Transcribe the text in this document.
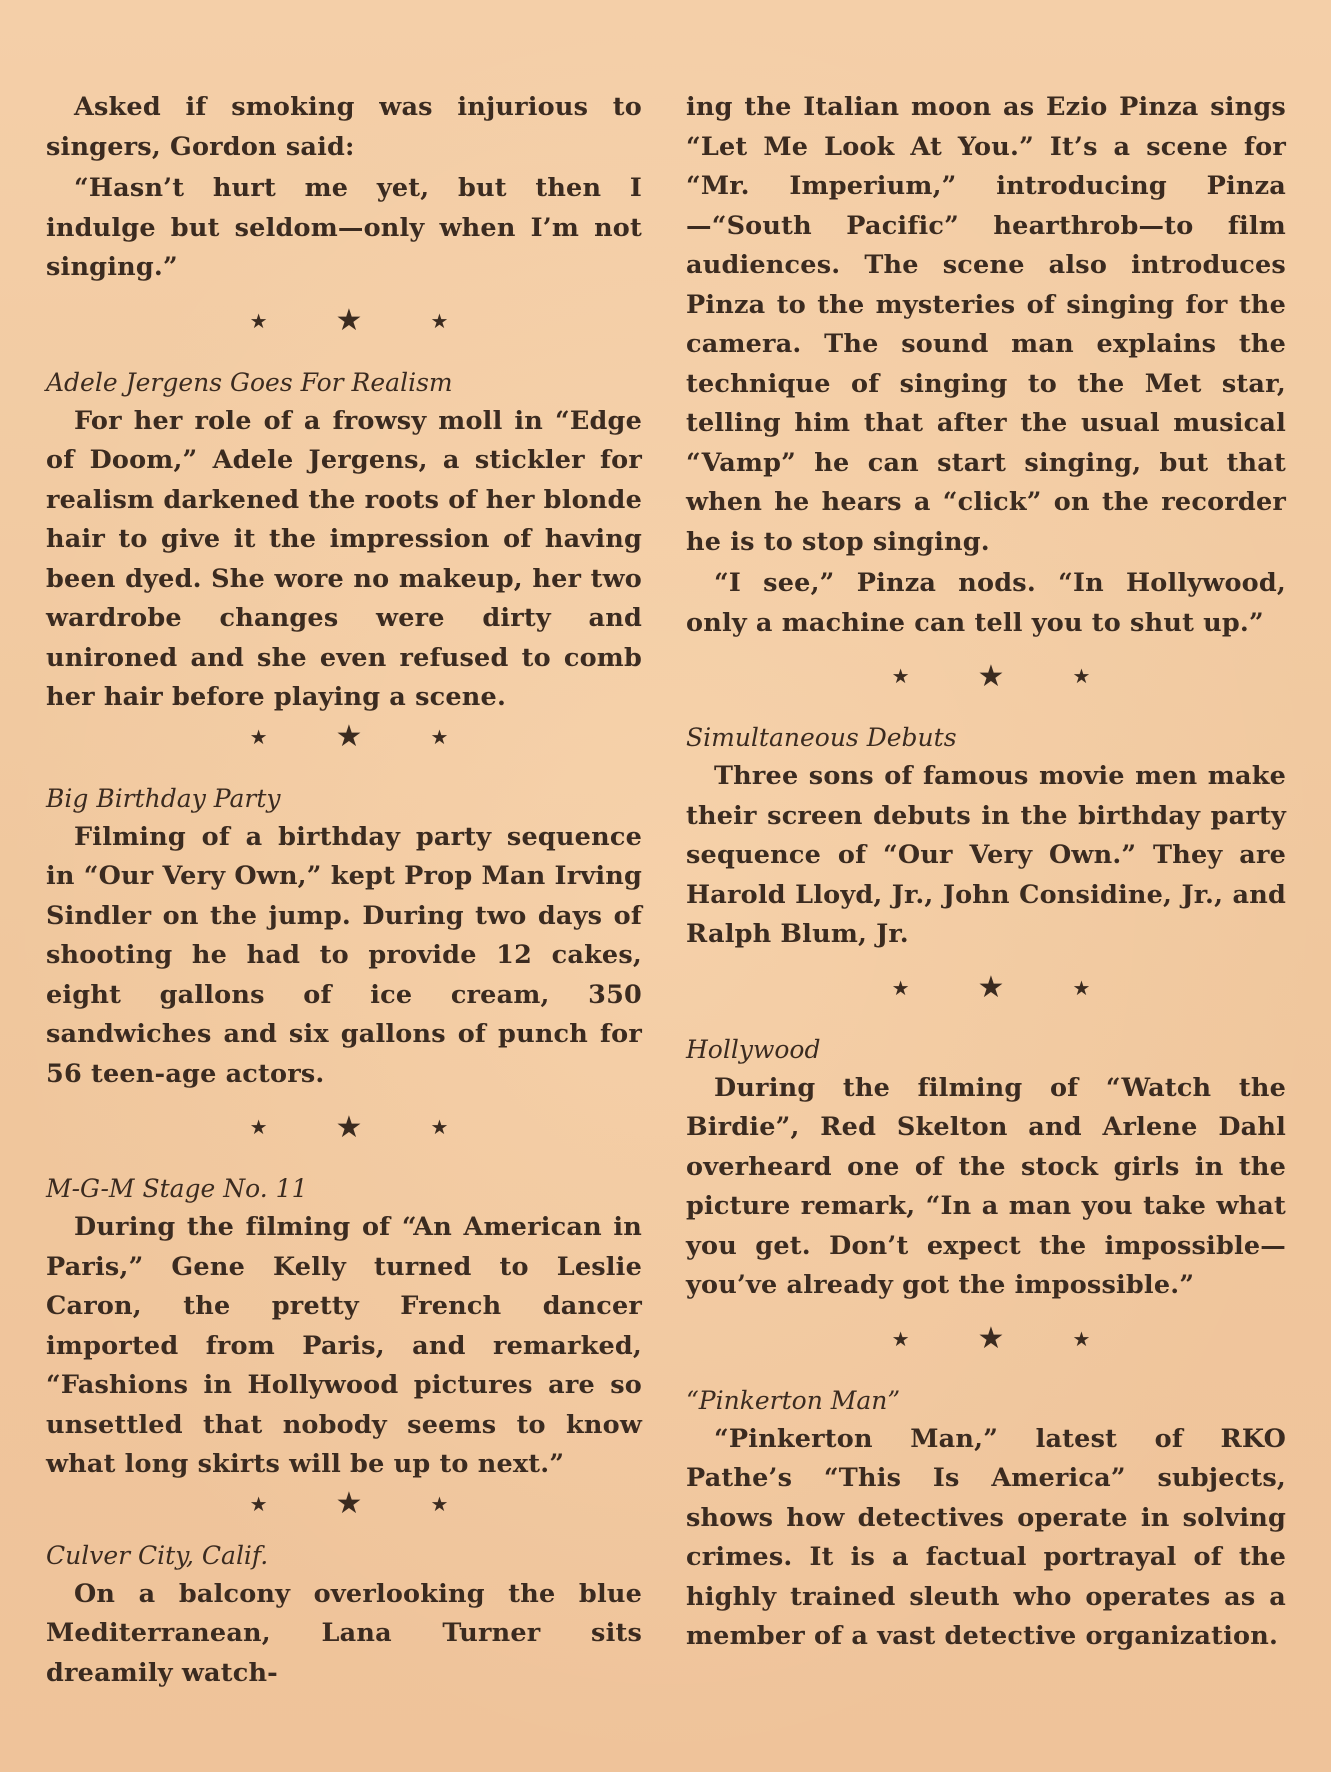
Asked if smoking was injurious to singers, Gordon said:

“Hasn’t hurt me yet, but then I indulge but seldom—only when I’m not singing.”

★ ★	★
Adele Jergens Goes For Realism

For her role of a frowsy moll in “Edge of Doom,” Adele Jergens, a stickler for realism darkened the roots of her blonde hair to give it the impression of having been dyed. She wore no makeup, her two wardrobe changes were dirty and unironed and she even refused to comb her hair before playing a scene.

★ ★	★
Big Birthday Party

Filming of a birthday party sequence in “Our Very Own,” kept Prop Man Irving Sindler on the jump. During two days of shooting he had to provide 12 cakes, eight gallons of ice cream, 350 sandwiches and six gallons of punch for 56 teen-age actors.

★ ★	★
M-G-M Stage No. 11

During the filming of “An American in Paris,” Gene Kelly turned to Leslie Caron, the pretty French dancer imported from Paris, and remarked, “Fashions in Hollywood pictures are so unsettled that nobody seems to know what long skirts will be up to next.”

★ ★	★
Culver City, Calif.

On a balcony overlooking the blue Mediterranean, Lana Turner sits dreamily watch-

ing the Italian moon as Ezio Pinza sings “Let Me Look At You.” It’s a scene for “Mr. Imperium,” introducing Pinza—“South Pacific” hearthrob—to film audiences. The scene also introduces Pinza to the mysteries of singing for the camera. The sound man explains the technique of singing to the Met star, telling him that after the usual musical “Vamp” he can start singing, but that when he hears a “click” on the recorder he is to stop singing.

“I see,” Pinza nods. “In Hollywood, only a machine can tell you to shut up.”

★ ★	★
Simultaneous Debuts

Three sons of famous movie men make their screen debuts in the birthday party sequence of “Our Very Own.” They are Harold Lloyd, Jr., John Considine, Jr., and Ralph Blum, Jr.

★ ★	★
Hollywood

During the filming of “Watch the Birdie”, Red Skelton and Arlene Dahl overheard one of the stock girls in the picture remark, “In a man you take what you get. Don’t expect the impossible—you’ve already got the impossible.”

★ ★	★
“Pinkerton Man”

“Pinkerton Man,” latest of RKO Pathe’s “This Is America” subjects, shows how detectives operate in solving crimes. It is a factual portrayal of the highly trained sleuth who operates as a member of a vast detective organization.
